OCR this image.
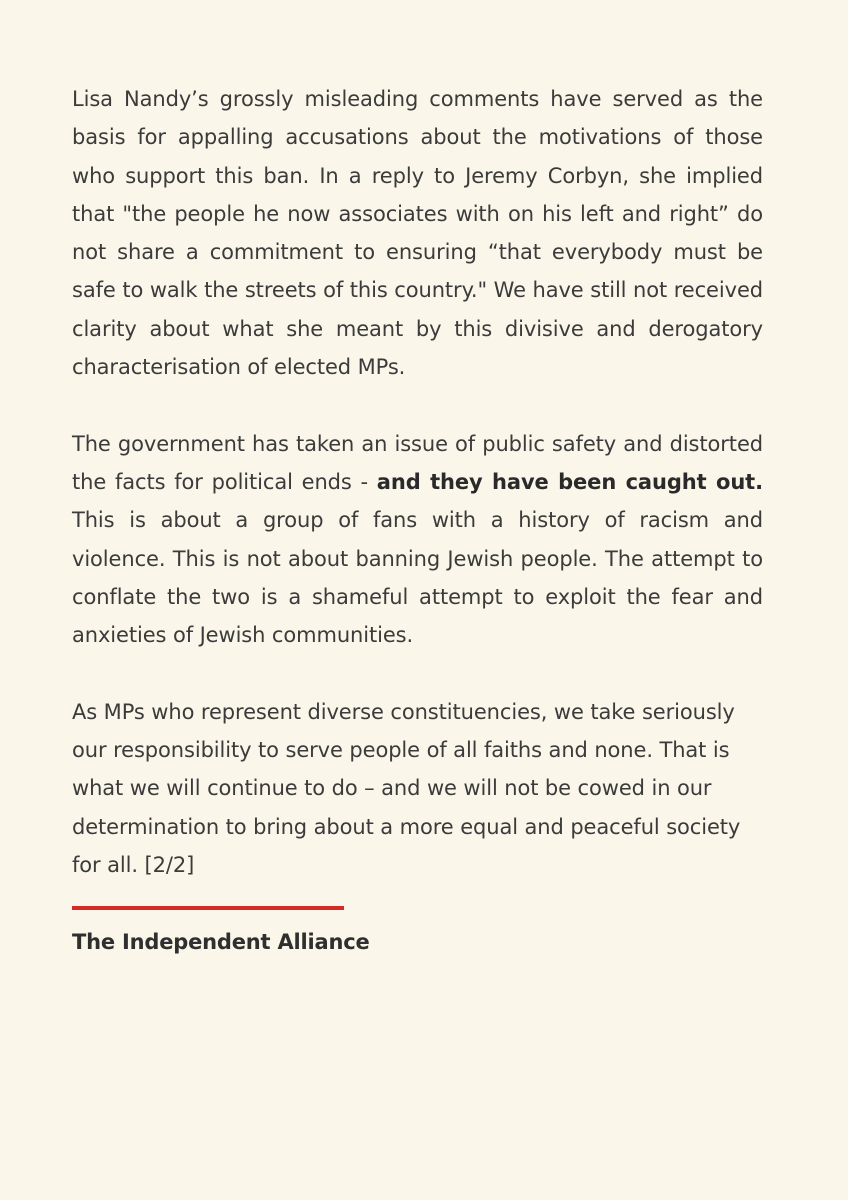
Lisa Nandy’s grossly misleading comments have served as the basis for appalling accusations about the motivations of those who support this ban. In a reply to Jeremy Corbyn, she implied that "the people he now associates with on his left and right” do not share a commitment to ensuring “that everybody must be safe to walk the streets of this country." We have still not received clarity about what she meant by this divisive and derogatory characterisation of elected MPs.

The government has taken an issue of public safety and distorted the facts for political ends - and they have been caught out. This is about a group of fans with a history of racism and violence. This is not about banning Jewish people. The attempt to conflate the two is a shameful attempt to exploit the fear and anxieties of Jewish communities.

As MPs who represent diverse constituencies, we take seriously our responsibility to serve people of all faiths and none. That is what we will continue to do – and we will not be cowed in our determination to bring about a more equal and peaceful society for all. [2/2]

The Independent Alliance
